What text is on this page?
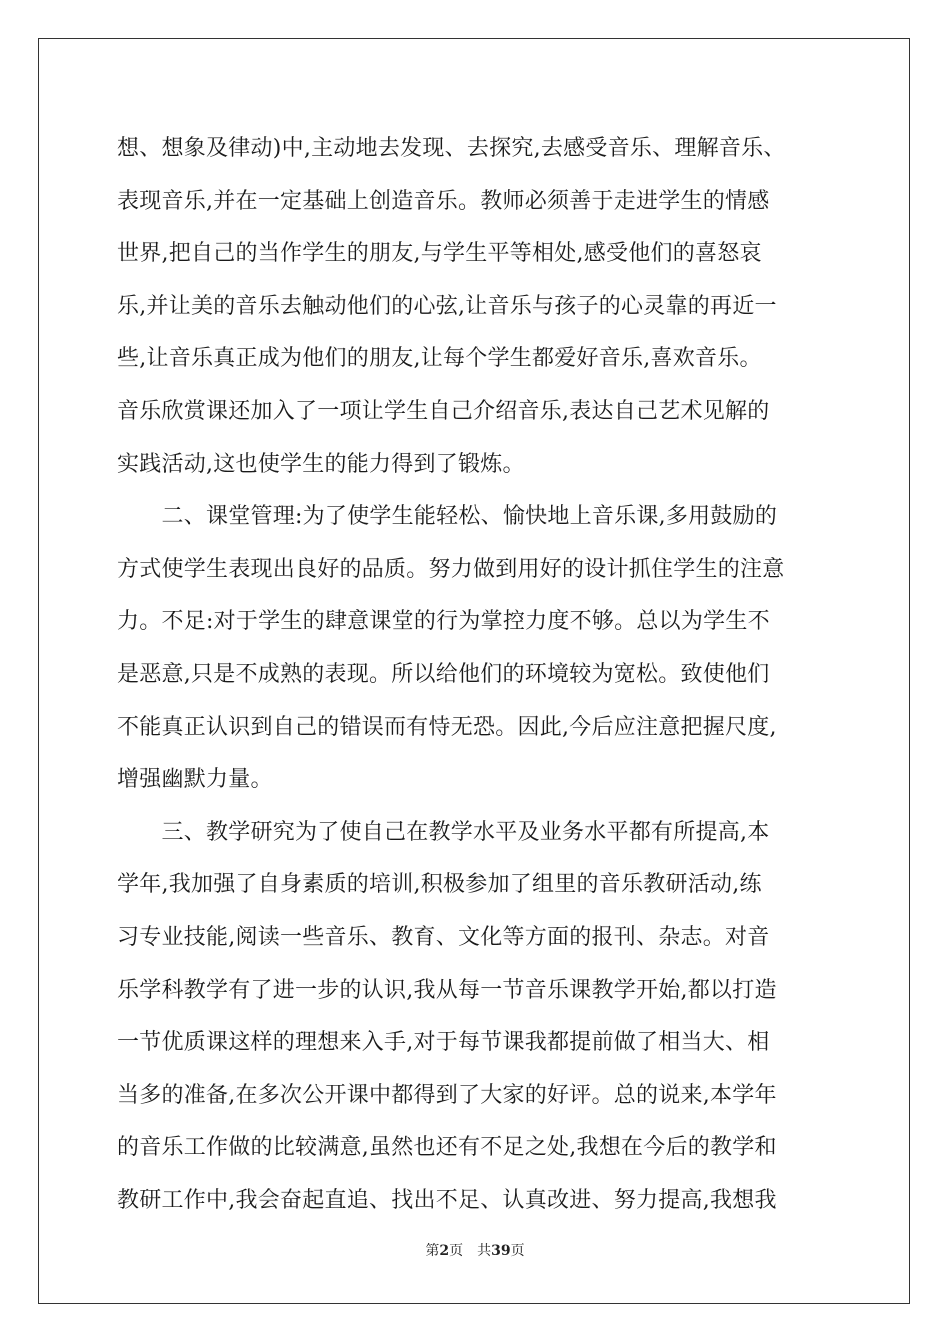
想、想象及律动)中,主动地去发现、去探究,去感受音乐、理解音乐、
表现音乐,并在一定基础上创造音乐。教师必须善于走进学生的情感
世界,把自己的当作学生的朋友,与学生平等相处,感受他们的喜怒哀
乐,并让美的音乐去触动他们的心弦,让音乐与孩子的心灵靠的再近一
些,让音乐真正成为他们的朋友,让每个学生都爱好音乐,喜欢音乐。
音乐欣赏课还加入了一项让学生自己介绍音乐,表达自己艺术见解的
实践活动,这也使学生的能力得到了锻炼。
　　二、课堂管理:为了使学生能轻松、愉快地上音乐课,多用鼓励的
方式使学生表现出良好的品质。努力做到用好的设计抓住学生的注意
力。不足:对于学生的肆意课堂的行为掌控力度不够。总以为学生不
是恶意,只是不成熟的表现。所以给他们的环境较为宽松。致使他们
不能真正认识到自己的错误而有恃无恐。因此,今后应注意把握尺度,
增强幽默力量。
　　三、教学研究为了使自己在教学水平及业务水平都有所提高,本
学年,我加强了自身素质的培训,积极参加了组里的音乐教研活动,练
习专业技能,阅读一些音乐、教育、文化等方面的报刊、杂志。对音
乐学科教学有了进一步的认识,我从每一节音乐课教学开始,都以打造
一节优质课这样的理想来入手,对于每节课我都提前做了相当大、相
当多的准备,在多次公开课中都得到了大家的好评。总的说来,本学年
的音乐工作做的比较满意,虽然也还有不足之处,我想在今后的教学和
教研工作中,我会奋起直追、找出不足、认真改进、努力提高,我想我
第2页 共39页
